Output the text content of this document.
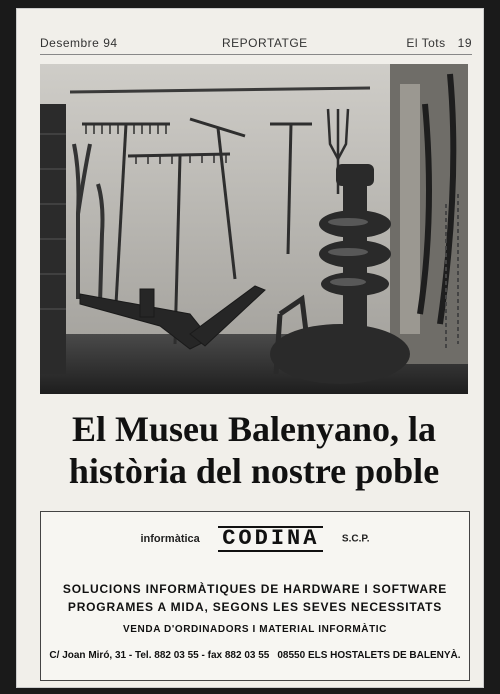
Desembre 94	REPORTATGE	El Tots 19
El Museu Balenyano, la
història del nostre poble
informàtica CODINA S.C.P.
SOLUCIONS INFORMÀTIQUES DE HARDWARE I SOFTWARE
PROGRAMES A MIDA, SEGONS LES SEVES NECESSITATS
VENDA D'ORDINADORS I MATERIAL INFORMÀTIC
C/ Joan Miró, 31 - Tel. 882 03 55 - fax 882 03 55 08550 ELS HOSTALETS DE BALENYÀ.
